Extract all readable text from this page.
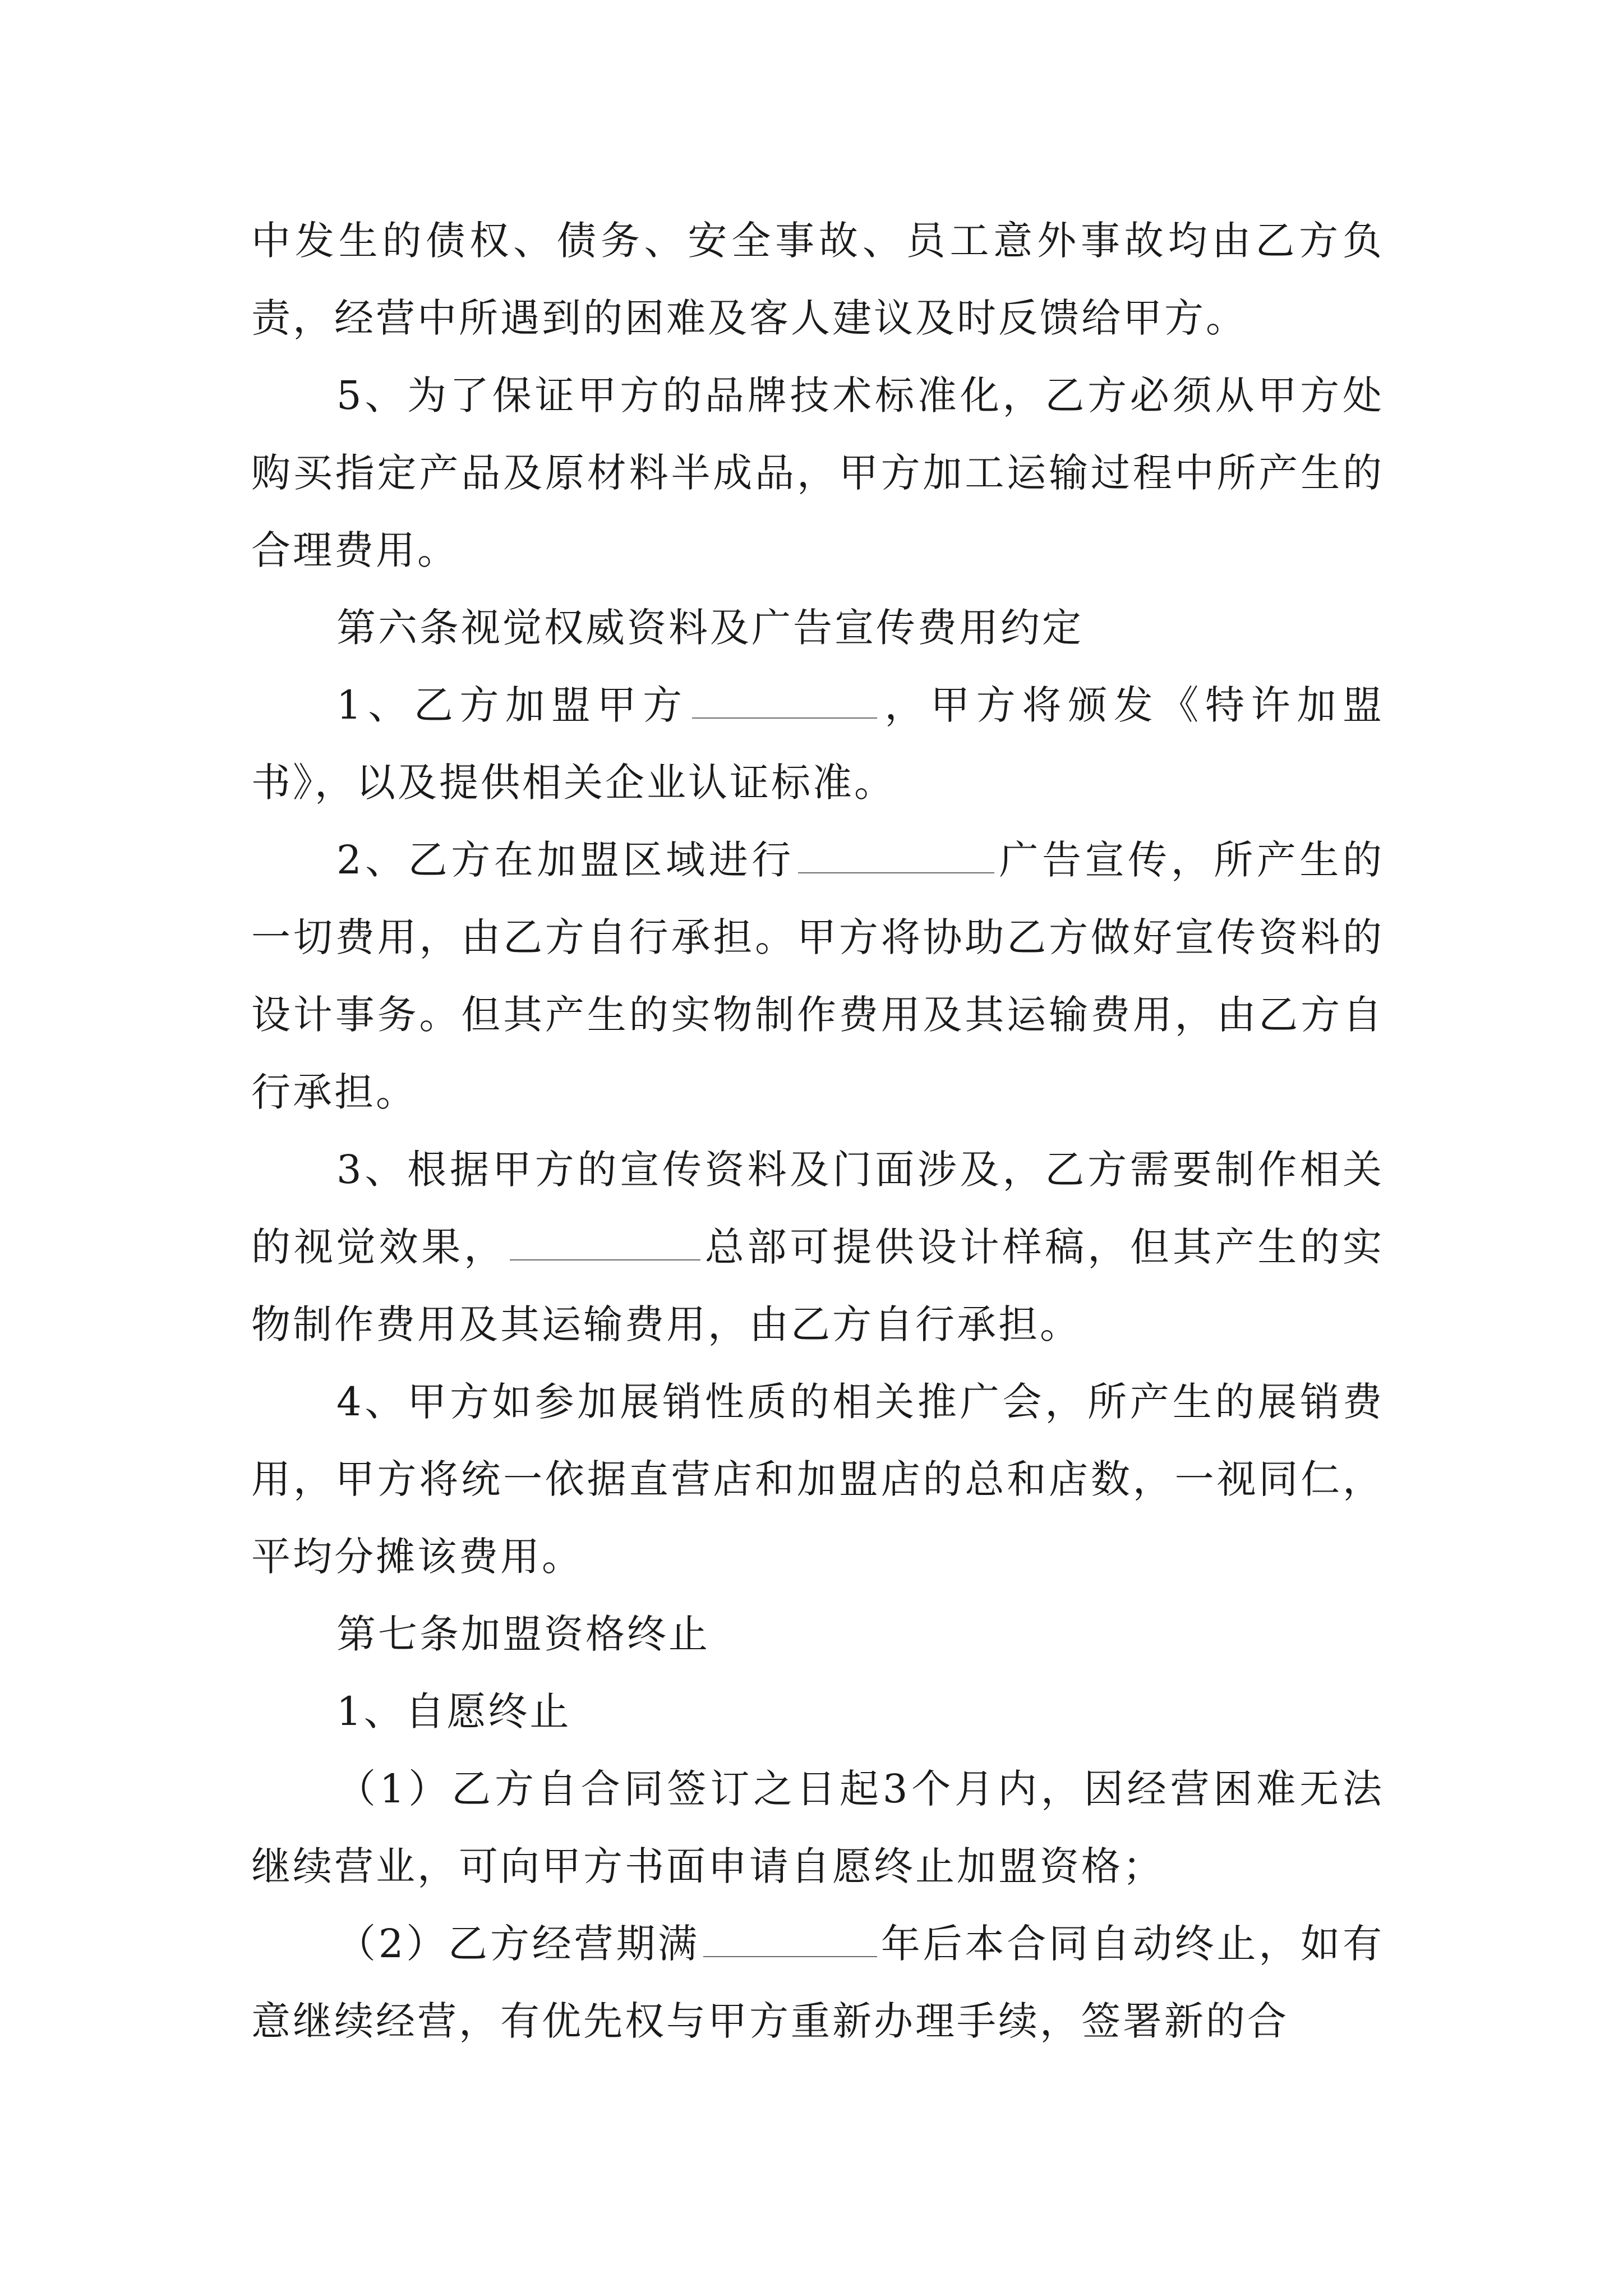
中发生的债权、债务、安全事故、员工意外事故均由乙方负责，经营中所遇到的困难及客人建议及时反馈给甲方。

5、为了保证甲方的品牌技术标准化，乙方必须从甲方处购买指定产品及原材料半成品，甲方加工运输过程中所产生的合理费用。

第六条视觉权威资料及广告宣传费用约定

1、乙方加盟甲方	，甲方将颁发《特许加盟书》，以及提供相关企业认证标准。

2、乙方在加盟区域进行	广告宣传，所产生的一切费用，由乙方自行承担。甲方将协助乙方做好宣传资料的设计事务。但其产生的实物制作费用及其运输费用，由乙方自行承担。

3、根据甲方的宣传资料及门面涉及，乙方需要制作相关的视觉效果，	总部可提供设计样稿，但其产生的实物制作费用及其运输费用，由乙方自行承担。

4、甲方如参加展销性质的相关推广会，所产生的展销费用，甲方将统一依据直营店和加盟店的总和店数，一视同仁，平均分摊该费用。

第七条加盟资格终止

1、自愿终止

（1）乙方自合同签订之日起3个月内，因经营困难无法继续营业，可向甲方书面申请自愿终止加盟资格；

（2）乙方经营期满	年后本合同自动终止，如有意继续经营，有优先权与甲方重新办理手续，签署新的合
